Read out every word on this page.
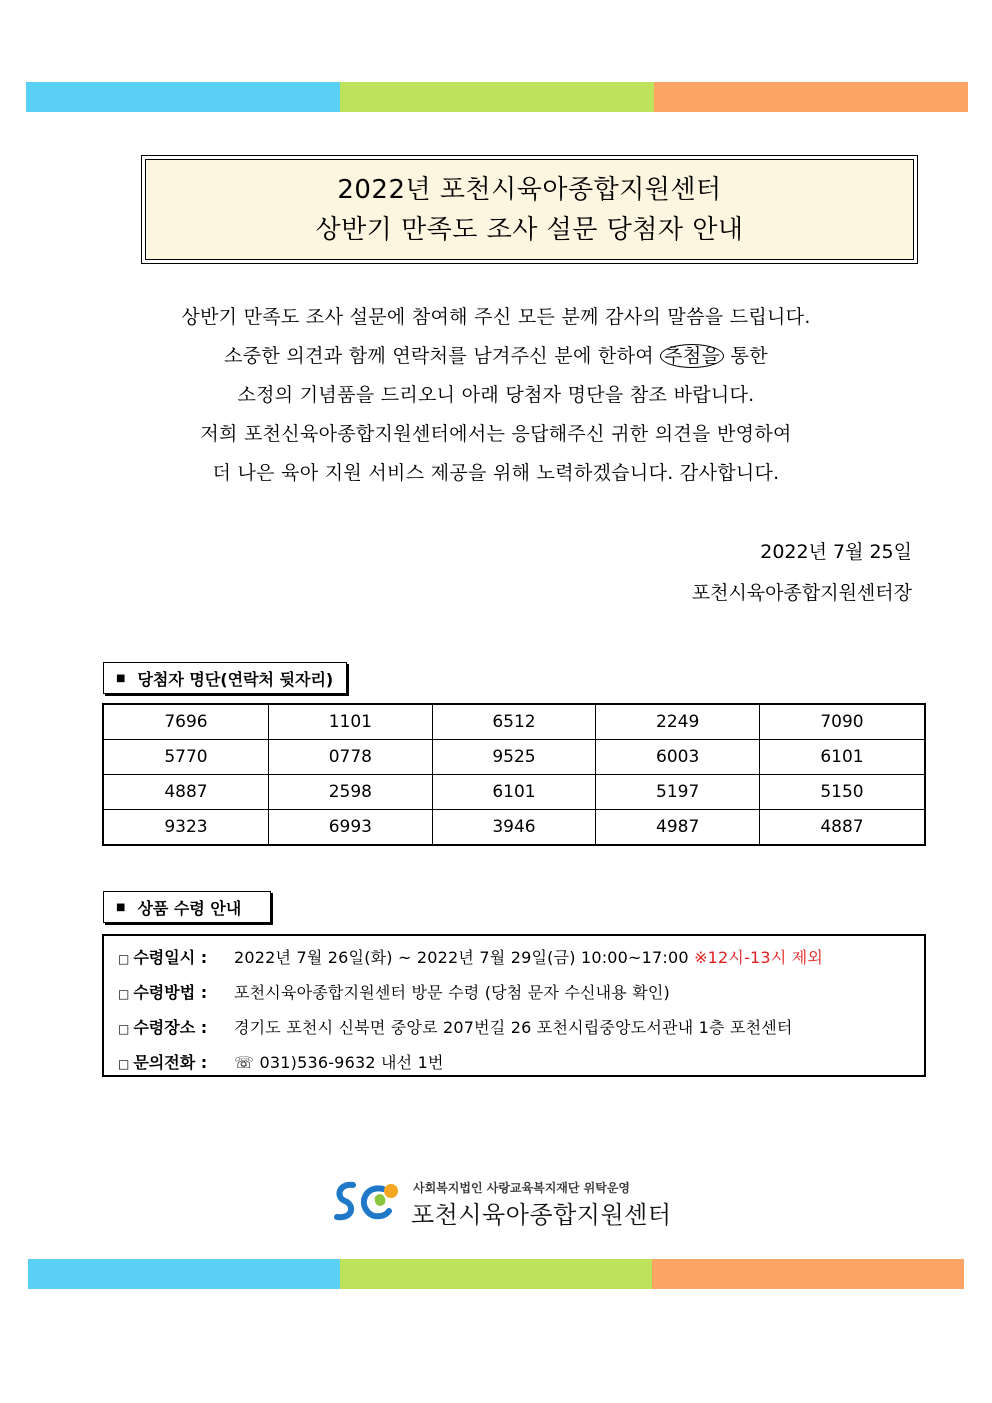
2022년 포천시육아종합지원센터
상반기 만족도 조사 설문 당첨자 안내

상반기 만족도 조사 설문에 참여해 주신 모든 분께 감사의 말씀을 드립니다.

소중한 의견과 함께 연락처를 남겨주신 분에 한하여 추첨을 통한

소정의 기념품을 드리오니 아래 당첨자 명단을 참조 바랍니다.

저희 포천신육아종합지원센터에서는 응답해주신 귀한 의견을 반영하여

더 나은 육아 지원 서비스 제공을 위해 노력하겠습니다. 감사합니다.

2022년 7월 25일
포천시육아종합지원센터장
■ 당첨자 명단(연락처 뒷자리)
7696	1101	6512	2249	7090
5770	0778	9525	6003	6101
4887	2598	6101	5197	5150
9323	6993	3946	4987	4887
■ 상품 수령 안내
□ 수령일시 :	2022년 7월 26일(화) ~ 2022년 7월 29일(금) 10:00~17:00 ※12시-13시 제외
□ 수령방법 :	포천시육아종합지원센터 방문 수령 (당첨 문자 수신내용 확인)
□ 수령장소 :	경기도 포천시 신북면 중앙로 207번길 26 포천시립중앙도서관내 1층 포천센터
□ 문의전화 :	☏ 031)536-9632 내선 1번
사회복지법인 사랑교육복지재단 위탁운영
포천시육아종합지원센터
